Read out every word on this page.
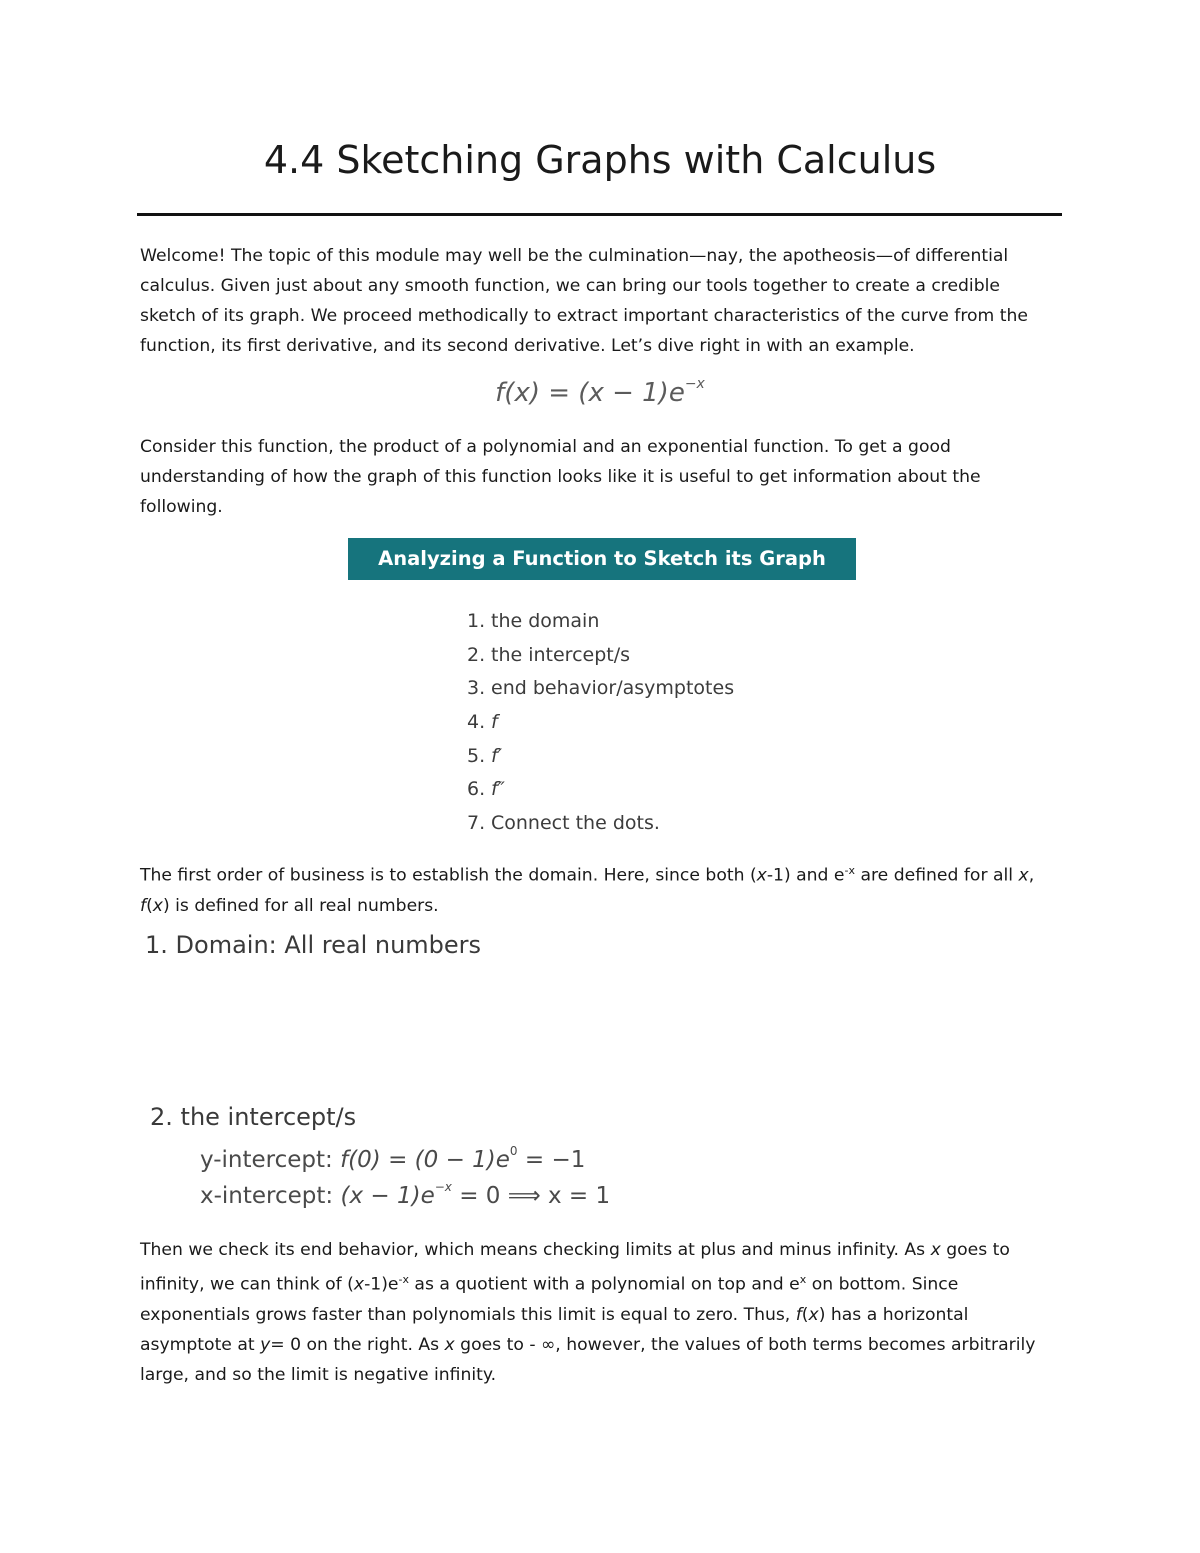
4.4 Sketching Graphs with Calculus

Welcome! The topic of this module may well be the culmination—nay, the apotheosis—of differential calculus. Given just about any smooth function, we can bring our tools together to create a credible sketch of its graph. We proceed methodically to extract important characteristics of the curve from the function, its first derivative, and its second derivative. Let’s dive right in with an example.

$f(x) = (x - 1)e^{-x}$

Consider this function, the product of a polynomial and an exponential function. To get a good understanding of how the graph of this function looks like it is useful to get information about the following.

Analyzing a Function to Sketch its Graph
1. the domain
2. the intercept/s
3. end behavior/asymptotes
4. f
5. f′
6. f″
7. Connect the dots.

The first order of business is to establish the domain. Here, since both (x-1) and $e^{-x}$ are defined for all x,
f(x) is defined for all real numbers.

1. Domain: All real numbers
2. the intercept/s
y-intercept: $f(0) = (0 - 1)e^0 = -1$
x-intercept: $(x - 1)e^{-x} = 0$ ⟹ x = 1

Then we check its end behavior, which means checking limits at plus and minus infinity. As x goes to infinity, we can think of $(x-1)e^{-x}$ as a quotient with a polynomial on top and $e^x$ on bottom. Since exponentials grows faster than polynomials this limit is equal to zero. Thus, f(x) has a horizontal asymptote at y= 0 on the right. As x goes to - ∞, however, the values of both terms becomes arbitrarily large, and so the limit is negative infinity.
